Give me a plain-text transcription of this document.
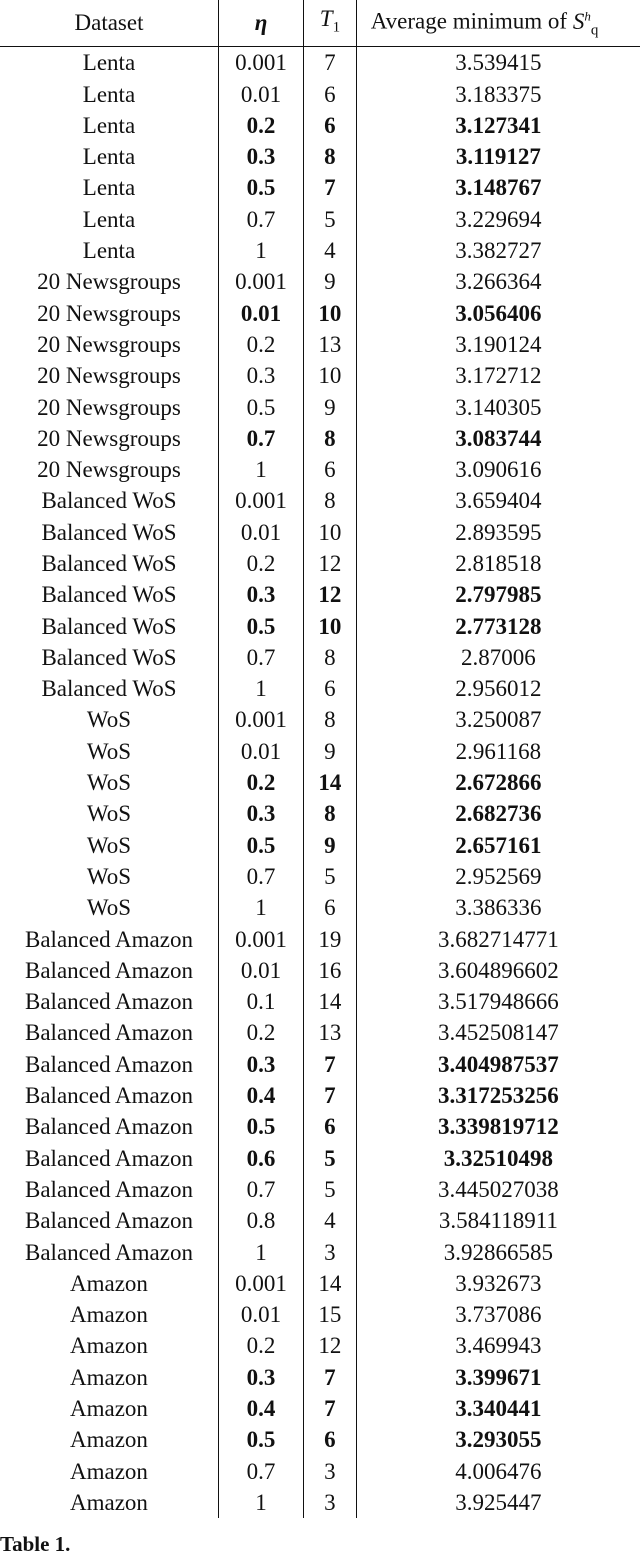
Dataset	η	$T_1$	Average minimum of $S^h_q$
Lenta	0.001	7	3.539415
Lenta	0.01	6	3.183375
Lenta	0.2	6	3.127341
Lenta	0.3	8	3.119127
Lenta	0.5	7	3.148767
Lenta	0.7	5	3.229694
Lenta	1	4	3.382727
20 Newsgroups	0.001	9	3.266364
20 Newsgroups	0.01	10	3.056406
20 Newsgroups	0.2	13	3.190124
20 Newsgroups	0.3	10	3.172712
20 Newsgroups	0.5	9	3.140305
20 Newsgroups	0.7	8	3.083744
20 Newsgroups	1	6	3.090616
Balanced WoS	0.001	8	3.659404
Balanced WoS	0.01	10	2.893595
Balanced WoS	0.2	12	2.818518
Balanced WoS	0.3	12	2.797985
Balanced WoS	0.5	10	2.773128
Balanced WoS	0.7	8	2.87006
Balanced WoS	1	6	2.956012
WoS	0.001	8	3.250087
WoS	0.01	9	2.961168
WoS	0.2	14	2.672866
WoS	0.3	8	2.682736
WoS	0.5	9	2.657161
WoS	0.7	5	2.952569
WoS	1	6	3.386336
Balanced Amazon	0.001	19	3.682714771
Balanced Amazon	0.01	16	3.604896602
Balanced Amazon	0.1	14	3.517948666
Balanced Amazon	0.2	13	3.452508147
Balanced Amazon	0.3	7	3.404987537
Balanced Amazon	0.4	7	3.317253256
Balanced Amazon	0.5	6	3.339819712
Balanced Amazon	0.6	5	3.32510498
Balanced Amazon	0.7	5	3.445027038
Balanced Amazon	0.8	4	3.584118911
Balanced Amazon	1	3	3.92866585
Amazon	0.001	14	3.932673
Amazon	0.01	15	3.737086
Amazon	0.2	12	3.469943
Amazon	0.3	7	3.399671
Amazon	0.4	7	3.340441
Amazon	0.5	6	3.293055
Amazon	0.7	3	4.006476
Amazon	1	3	3.925447
Table 1.
